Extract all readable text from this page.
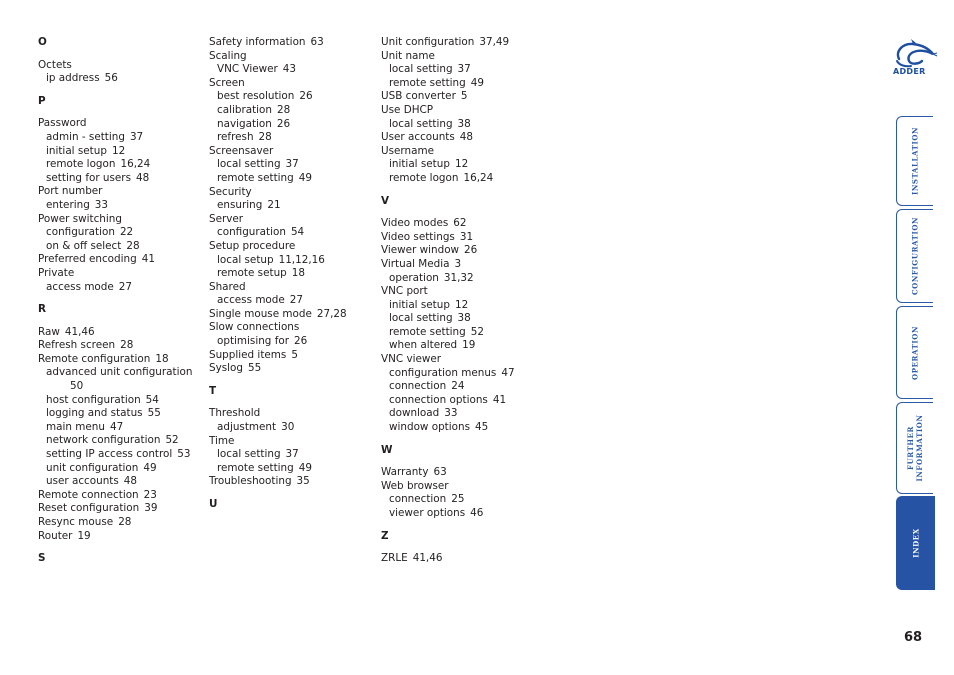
O
Octets
ip address 56
P
Password
admin - setting 37
initial setup 12
remote logon 16,24
setting for users 48
Port number
entering 33
Power switching
configuration 22
on & off select 28
Preferred encoding 41
Private
access mode 27
R
Raw 41,46
Refresh screen 28
Remote configuration 18
advanced unit configuration
50
host configuration 54
logging and status 55
main menu 47
network configuration 52
setting IP access control 53
unit configuration 49
user accounts 48
Remote connection 23
Reset configuration 39
Resync mouse 28
Router 19
S
Safety information 63
Scaling
VNC Viewer 43
Screen
best resolution 26
calibration 28
navigation 26
refresh 28
Screensaver
local setting 37
remote setting 49
Security
ensuring 21
Server
configuration 54
Setup procedure
local setup 11,12,16
remote setup 18
Shared
access mode 27
Single mouse mode 27,28
Slow connections
optimising for 26
Supplied items 5
Syslog 55
T
Threshold
adjustment 30
Time
local setting 37
remote setting 49
Troubleshooting 35
U
Unit configuration 37,49
Unit name
local setting 37
remote setting 49
USB converter 5
Use DHCP
local setting 38
User accounts 48
Username
initial setup 12
remote logon 16,24
V
Video modes 62
Video settings 31
Viewer window 26
Virtual Media 3
operation 31,32
VNC port
initial setup 12
local setting 38
remote setting 52
when altered 19
VNC viewer
configuration menus 47
connection 24
connection options 41
download 33
window options 45
W
Warranty 63
Web browser
connection 25
viewer options 46
Z
ZRLE 41,46
ADDER
INSTALLATION
CONFIGURATION
OPERATION
FURTHER
INFORMATION
INDEX
68
